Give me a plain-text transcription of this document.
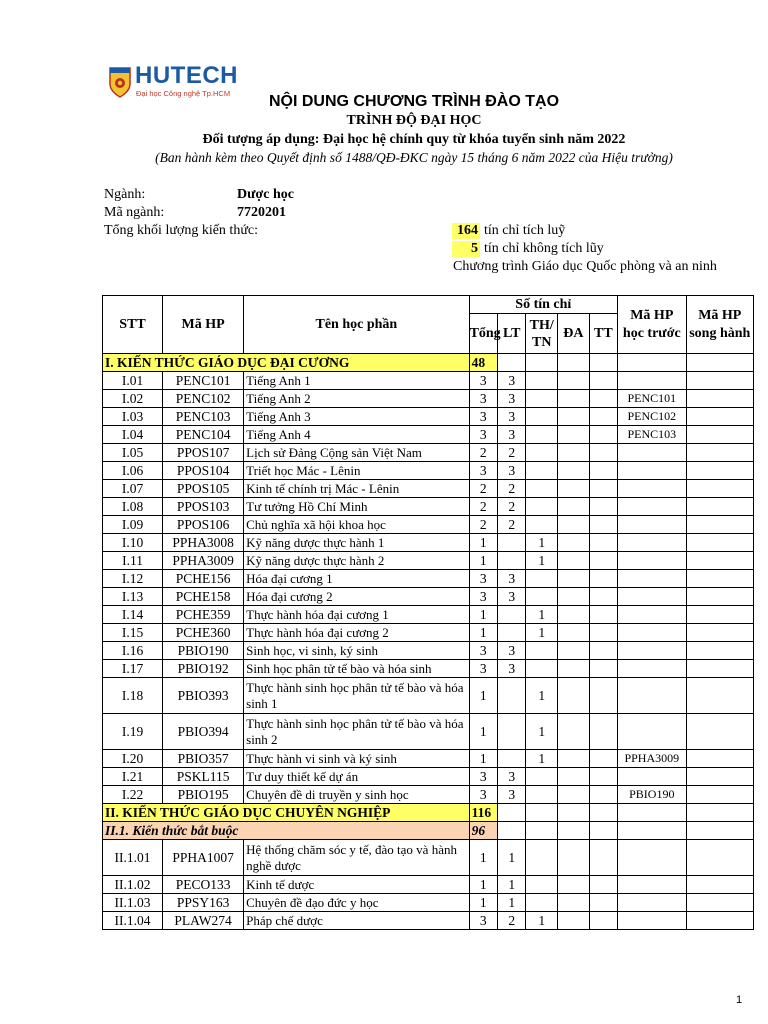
HUTECH
Đại học Công nghệ Tp.HCM	NỘI DUNG CHƯƠNG TRÌNH ĐÀO TẠO
TRÌNH ĐỘ ĐẠI HỌC
Đối tượng áp dụng: Đại học hệ chính quy từ khóa tuyển sinh năm 2022
(Ban hành kèm theo Quyết định số 1488/QĐ-ĐKC ngày 15 tháng 6 năm 2022 của Hiệu trưởng)
Ngành:	Dược học
Mã ngành:	7720201
Tổng khối lượng kiến thức:	164 tín chỉ tích luỹ
5 tín chỉ không tích lũy
Chương trình Giáo dục Quốc phòng và an ninh
STT	Mã HP	Tên học phần	Số tín chỉ					Mã HP học trước	Mã HP song hành
			Tổng	LT	TH/ TN	ĐA	TT		
I. KIẾN THỨC GIÁO DỤC ĐẠI CƯƠNG			48						
I.01	PENC101	Tiếng Anh 1	3	3					
I.02	PENC102	Tiếng Anh 2	3	3				PENC101	
I.03	PENC103	Tiếng Anh 3	3	3				PENC102	
I.04	PENC104	Tiếng Anh 4	3	3				PENC103	
I.05	PPOS107	Lịch sử Đảng Cộng sản Việt Nam	2	2					
I.06	PPOS104	Triết học Mác - Lênin	3	3					
I.07	PPOS105	Kinh tế chính trị Mác - Lênin	2	2					
I.08	PPOS103	Tư tưởng Hồ Chí Minh	2	2					
I.09	PPOS106	Chủ nghĩa xã hội khoa học	2	2					
I.10	PPHA3008	Kỹ năng dược thực hành 1	1		1				
I.11	PPHA3009	Kỹ năng dược thực hành 2	1		1				
I.12	PCHE156	Hóa đại cương 1	3	3					
I.13	PCHE158	Hóa đại cương 2	3	3					
I.14	PCHE359	Thực hành hóa đại cương 1	1		1				
I.15	PCHE360	Thực hành hóa đại cương 2	1		1				
I.16	PBIO190	Sinh học, vi sinh, ký sinh	3	3					
I.17	PBIO192	Sinh học phân tử tế bào và hóa sinh	3	3					
I.18	PBIO393	Thực hành sinh học phân tử tế bào và hóa sinh 1	1		1				
I.19	PBIO394	Thực hành sinh học phân tử tế bào và hóa sinh 2	1		1				
I.20	PBIO357	Thực hành vi sinh và ký sinh	1		1			PPHA3009	
I.21	PSKL115	Tư duy thiết kế dự án	3	3					
I.22	PBIO195	Chuyên đề di truyền y sinh học	3	3				PBIO190	
II. KIẾN THỨC GIÁO DỤC CHUYÊN NGHIỆP			116						
II.1. Kiến thức bắt buộc			96						
II.1.01	PPHA1007	Hệ thống chăm sóc y tế, đào tạo và hành nghề dược	1	1					
II.1.02	PECO133	Kinh tế dược	1	1					
II.1.03	PPSY163	Chuyên đề đạo đức y học	1	1					
II.1.04	PLAW274	Pháp chế dược	3	2	1				
1
